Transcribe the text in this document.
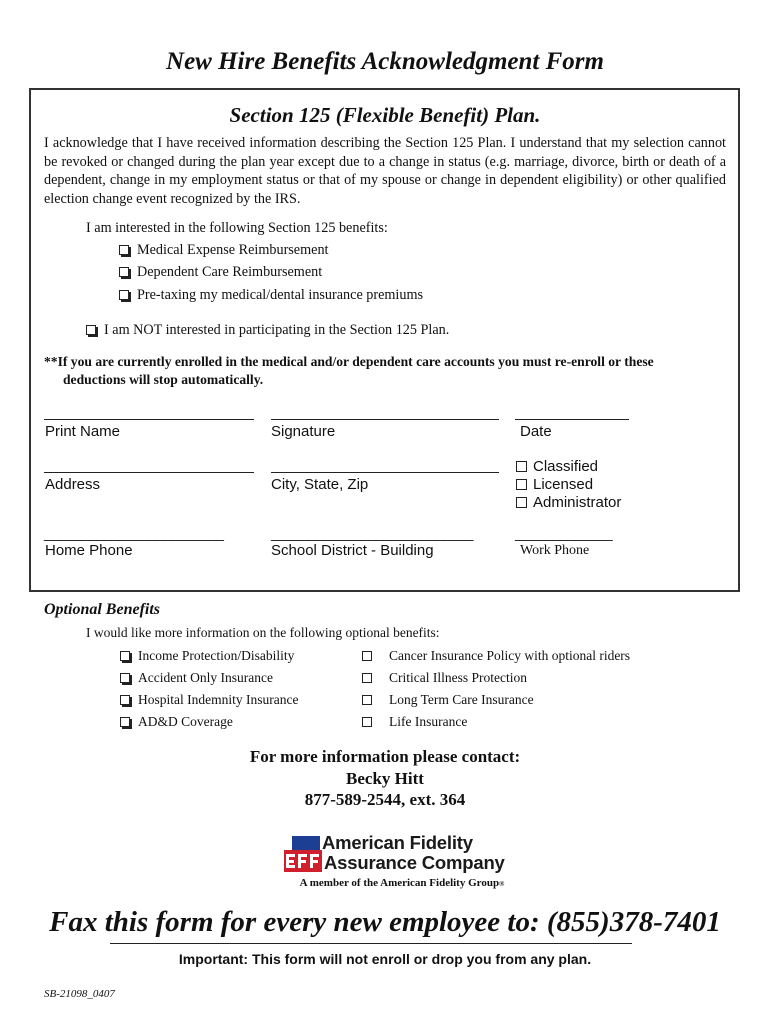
New Hire Benefits Acknowledgment Form
Section 125 (Flexible Benefit) Plan.
I acknowledge that I have received information describing the Section 125 Plan. I understand that my selection cannot be revoked or changed during the plan year except due to a change in status (e.g. marriage, divorce, birth or death of a dependent, change in my employment status or that of my spouse or change in dependent eligibility) or other qualified election change event recognized by the IRS.
I am interested in the following Section 125 benefits:
Medical Expense Reimbursement
Dependent Care Reimbursement
Pre-taxing my medical/dental insurance premiums
I am NOT interested in participating in the Section 125 Plan.
**If you are currently enrolled in the medical and/or dependent care accounts you must re-enroll or these
deductions will stop automatically.
Print Name	Signature	Date
Address	City, State, Zip
Classified
Licensed
Administrator
________________________	___________________________	_____________
Home Phone	School District - Building	Work Phone
Optional Benefits
I would like more information on the following optional benefits:
Income Protection/Disability
Accident Only Insurance
Hospital Indemnity Insurance
AD&D Coverage
Cancer Insurance Policy with optional riders
Critical Illness Protection
Long Term Care Insurance
Life Insurance
For more information please contact:
Becky Hitt
877-589-2544, ext. 364
American Fidelity
Assurance Company
A member of the American Fidelity Group®
Fax this form for every new employee to: (855)378-7401
Important: This form will not enroll or drop you from any plan.
SB-21098_0407
